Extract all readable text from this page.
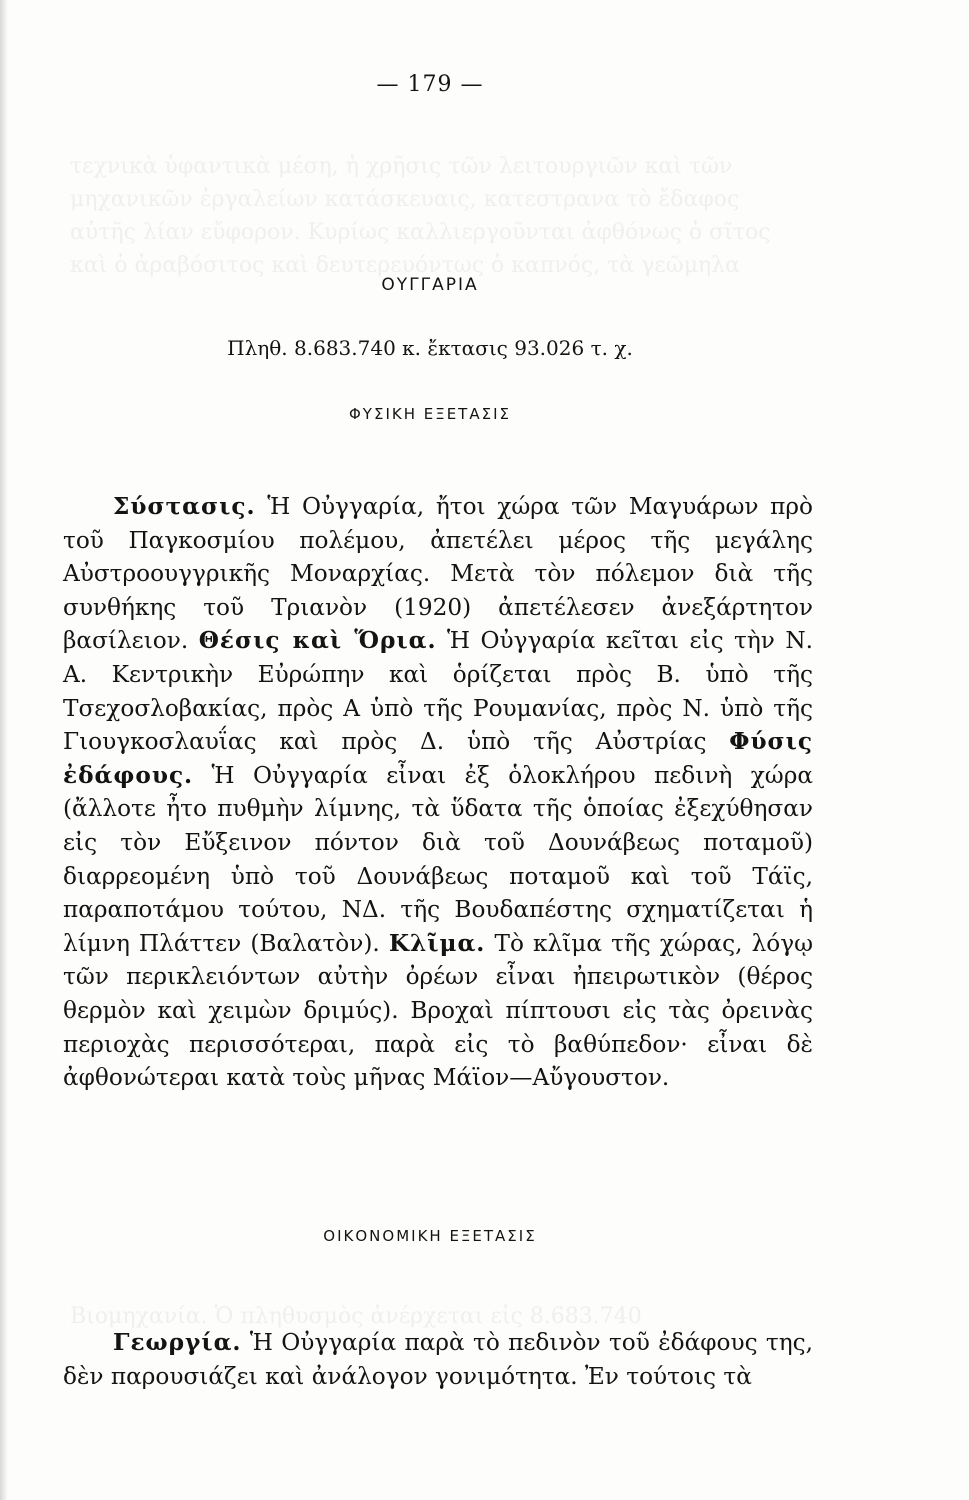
τεχνικὰ ὑφαντικὰ μέση, ἡ χρῆσις τῶν λειτουργιῶν καὶ τῶν
μηχανικῶν ἐργαλείων κατάσκευαις, κατεστρανα τὸ ἔδαφος
αὐτῆς λίαν εὔφορον. Κυρίως καλλιεργοῦνται ἀφθόνως ὁ σῖτος
καὶ ὁ ἀραβόσιτος καὶ δευτερευόντως ὁ καπνός, τὰ γεῶμηλα
Βιομηχανία. Ὁ πληθυσμὸς ἀνέρχεται εἰς 8.683.740
— 179 —
ΟΥΓΓΑΡΙΑ
Πληθ. 8.683.740 κ. ἔκτασις 93.026 τ. χ.
ΦΥΣΙΚΗ ΕΞΕΤΑΣΙΣ
Σύστασις. Ἡ Οὐγγαρία, ἤτοι χώρα τῶν Μαγυάρων πρὸ τοῦ Παγκοσμίου πολέμου, ἀπετέλει μέρος τῆς μεγάλης Αὐστροουγγρικῆς Μοναρχίας. Μετὰ τὸν πόλεμον διὰ τῆς συνθήκης τοῦ Τριανὸν (1920) ἀπετέλεσεν ἀνεξάρτητον βασίλειον. Θέσις καὶ Ὅρια. Ἡ Οὐγγαρία κεῖται εἰς τὴν Ν. Α. Κεντρικὴν Εὐρώπην καὶ ὁρίζεται πρὸς Β. ὑπὸ τῆς Τσεχοσλοβακίας, πρὸς Α ὑπὸ τῆς Ρουμανίας, πρὸς Ν. ὑπὸ τῆς Γιουγκοσλαυΐας καὶ πρὸς Δ. ὑπὸ τῆς Αὐστρίας Φύσις ἐδάφους. Ἡ Οὐγγαρία εἶναι ἐξ ὁλοκλήρου πεδινὴ χώρα (ἄλλοτε ἦτο πυθμὴν λίμνης, τὰ ὕδατα τῆς ὁποίας ἐξεχύθησαν εἰς τὸν Εὔξεινον πόντον διὰ τοῦ Δουνάβεως ποταμοῦ) διαρρεομένη ὑπὸ τοῦ Δουνάβεως ποταμοῦ καὶ τοῦ Τάϊς, παραποτάμου τούτου, ΝΔ. τῆς Βουδαπέστης σχηματίζεται ἡ λίμνη Πλάττεν (Βαλατὸν). Κλῖμα. Τὸ κλῖμα τῆς χώρας, λόγῳ τῶν περικλειόντων αὐτὴν ὀρέων εἶναι ἠπειρωτικὸν (θέρος θερμὸν καὶ χειμὼν δριμύς). Βροχαὶ πίπτουσι εἰς τὰς ὀρεινὰς περιοχὰς περισσότεραι, παρὰ εἰς τὸ βαθύπεδον· εἶναι δὲ ἀφθονώτεραι κατὰ τοὺς μῆνας Μάϊον—Αὔγουστον.
ΟΙΚΟΝΟΜΙΚΗ ΕΞΕΤΑΣΙΣ
Γεωργία. Ἡ Οὐγγαρία παρὰ τὸ πεδινὸν τοῦ ἐδάφους της, δὲν παρουσιάζει καὶ ἀνάλογον γονιμότητα. Ἐν τούτοις τὰ
